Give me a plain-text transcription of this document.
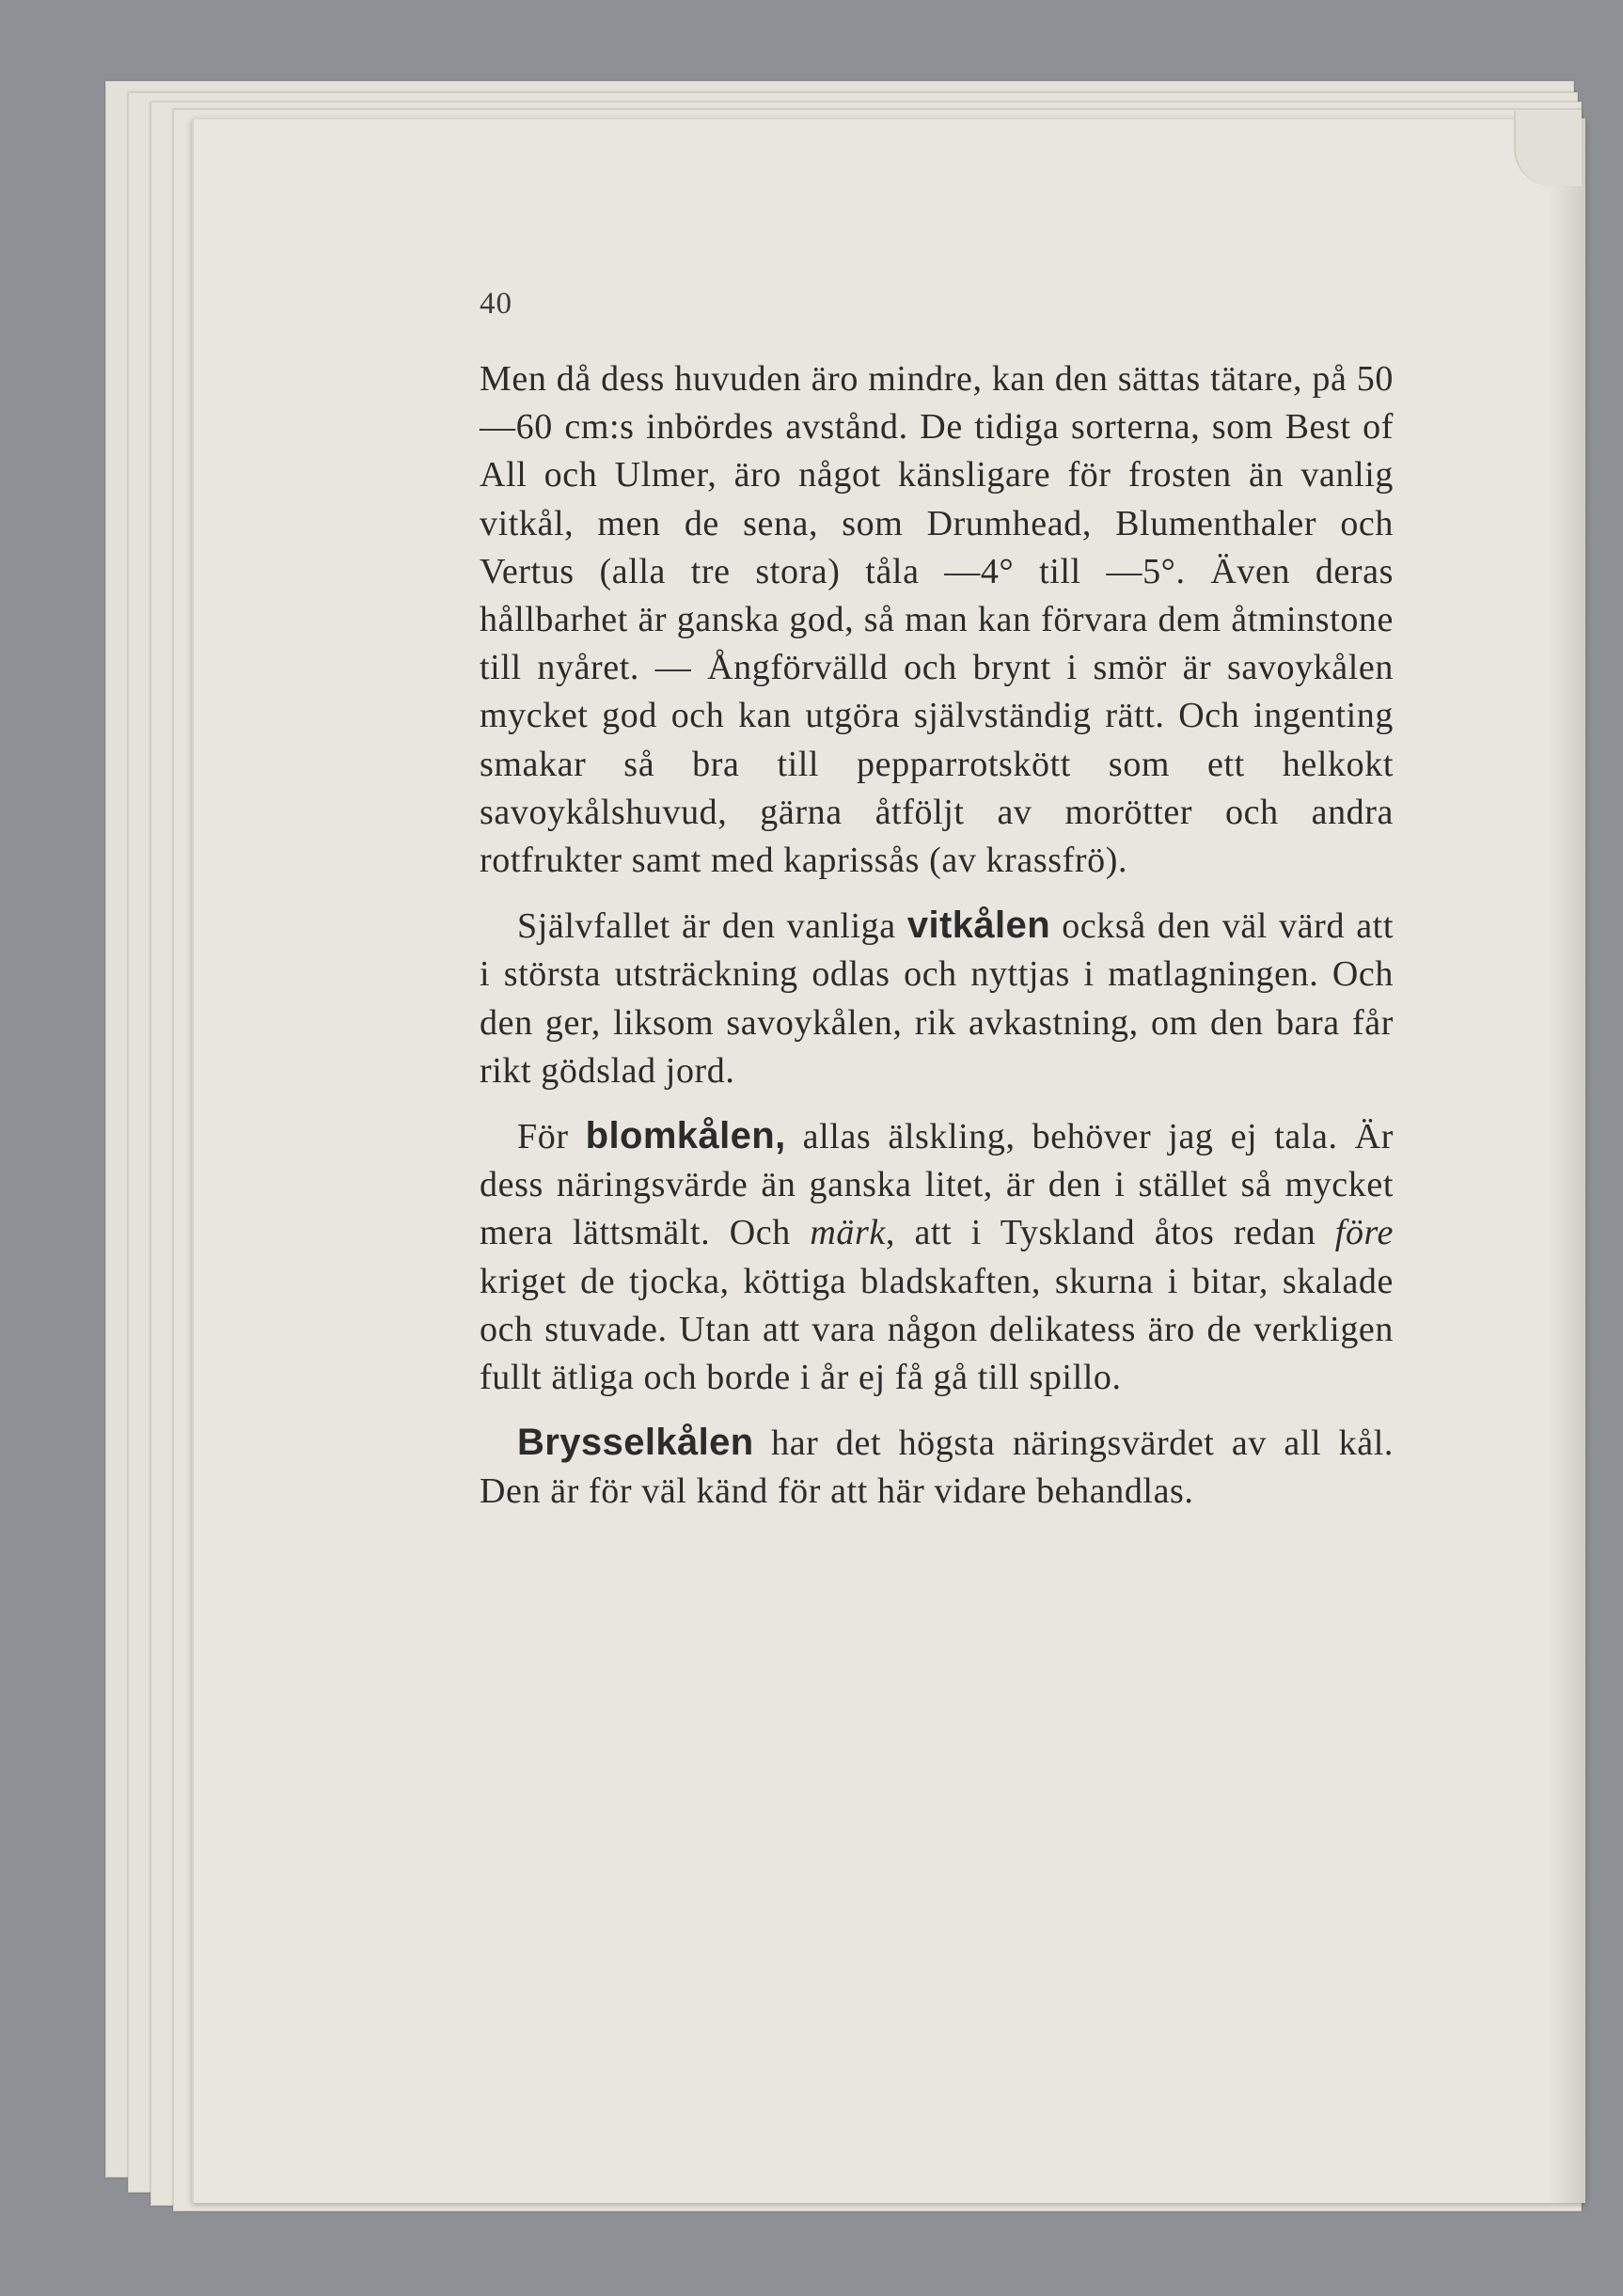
40

Men då dess huvuden äro mindre, kan den sättas tätare, på 50—60 cm:s inbördes avstånd. De tidiga sorterna, som Best of All och Ulmer, äro något känsligare för frosten än vanlig vitkål, men de sena, som Drumhead, Blumenthaler och Vertus (alla tre stora) tåla —4° till —5°. Även deras hållbarhet är ganska god, så man kan förvara dem åtminstone till nyåret. — Ångförvälld och brynt i smör är savoykålen mycket god och kan utgöra självständig rätt. Och ingenting smakar så bra till pepparrotskött som ett helkokt savoykålshuvud, gärna åtföljt av morötter och andra rotfrukter samt med kaprissås (av krassfrö).

Självfallet är den vanliga vitkålen också den väl värd att i största utsträckning odlas och nyttjas i matlagningen. Och den ger, liksom savoykålen, rik avkastning, om den bara får rikt gödslad jord.

För blomkålen, allas älskling, behöver jag ej tala. Är dess näringsvärde än ganska litet, är den i stället så mycket mera lättsmält. Och märk, att i Tyskland åtos redan före kriget de tjocka, köttiga bladskaften, skurna i bitar, skalade och stuvade. Utan att vara någon delikatess äro de verkligen fullt ätliga och borde i år ej få gå till spillo.

Brysselkålen har det högsta näringsvärdet av all kål. Den är för väl känd för att här vidare behandlas.
